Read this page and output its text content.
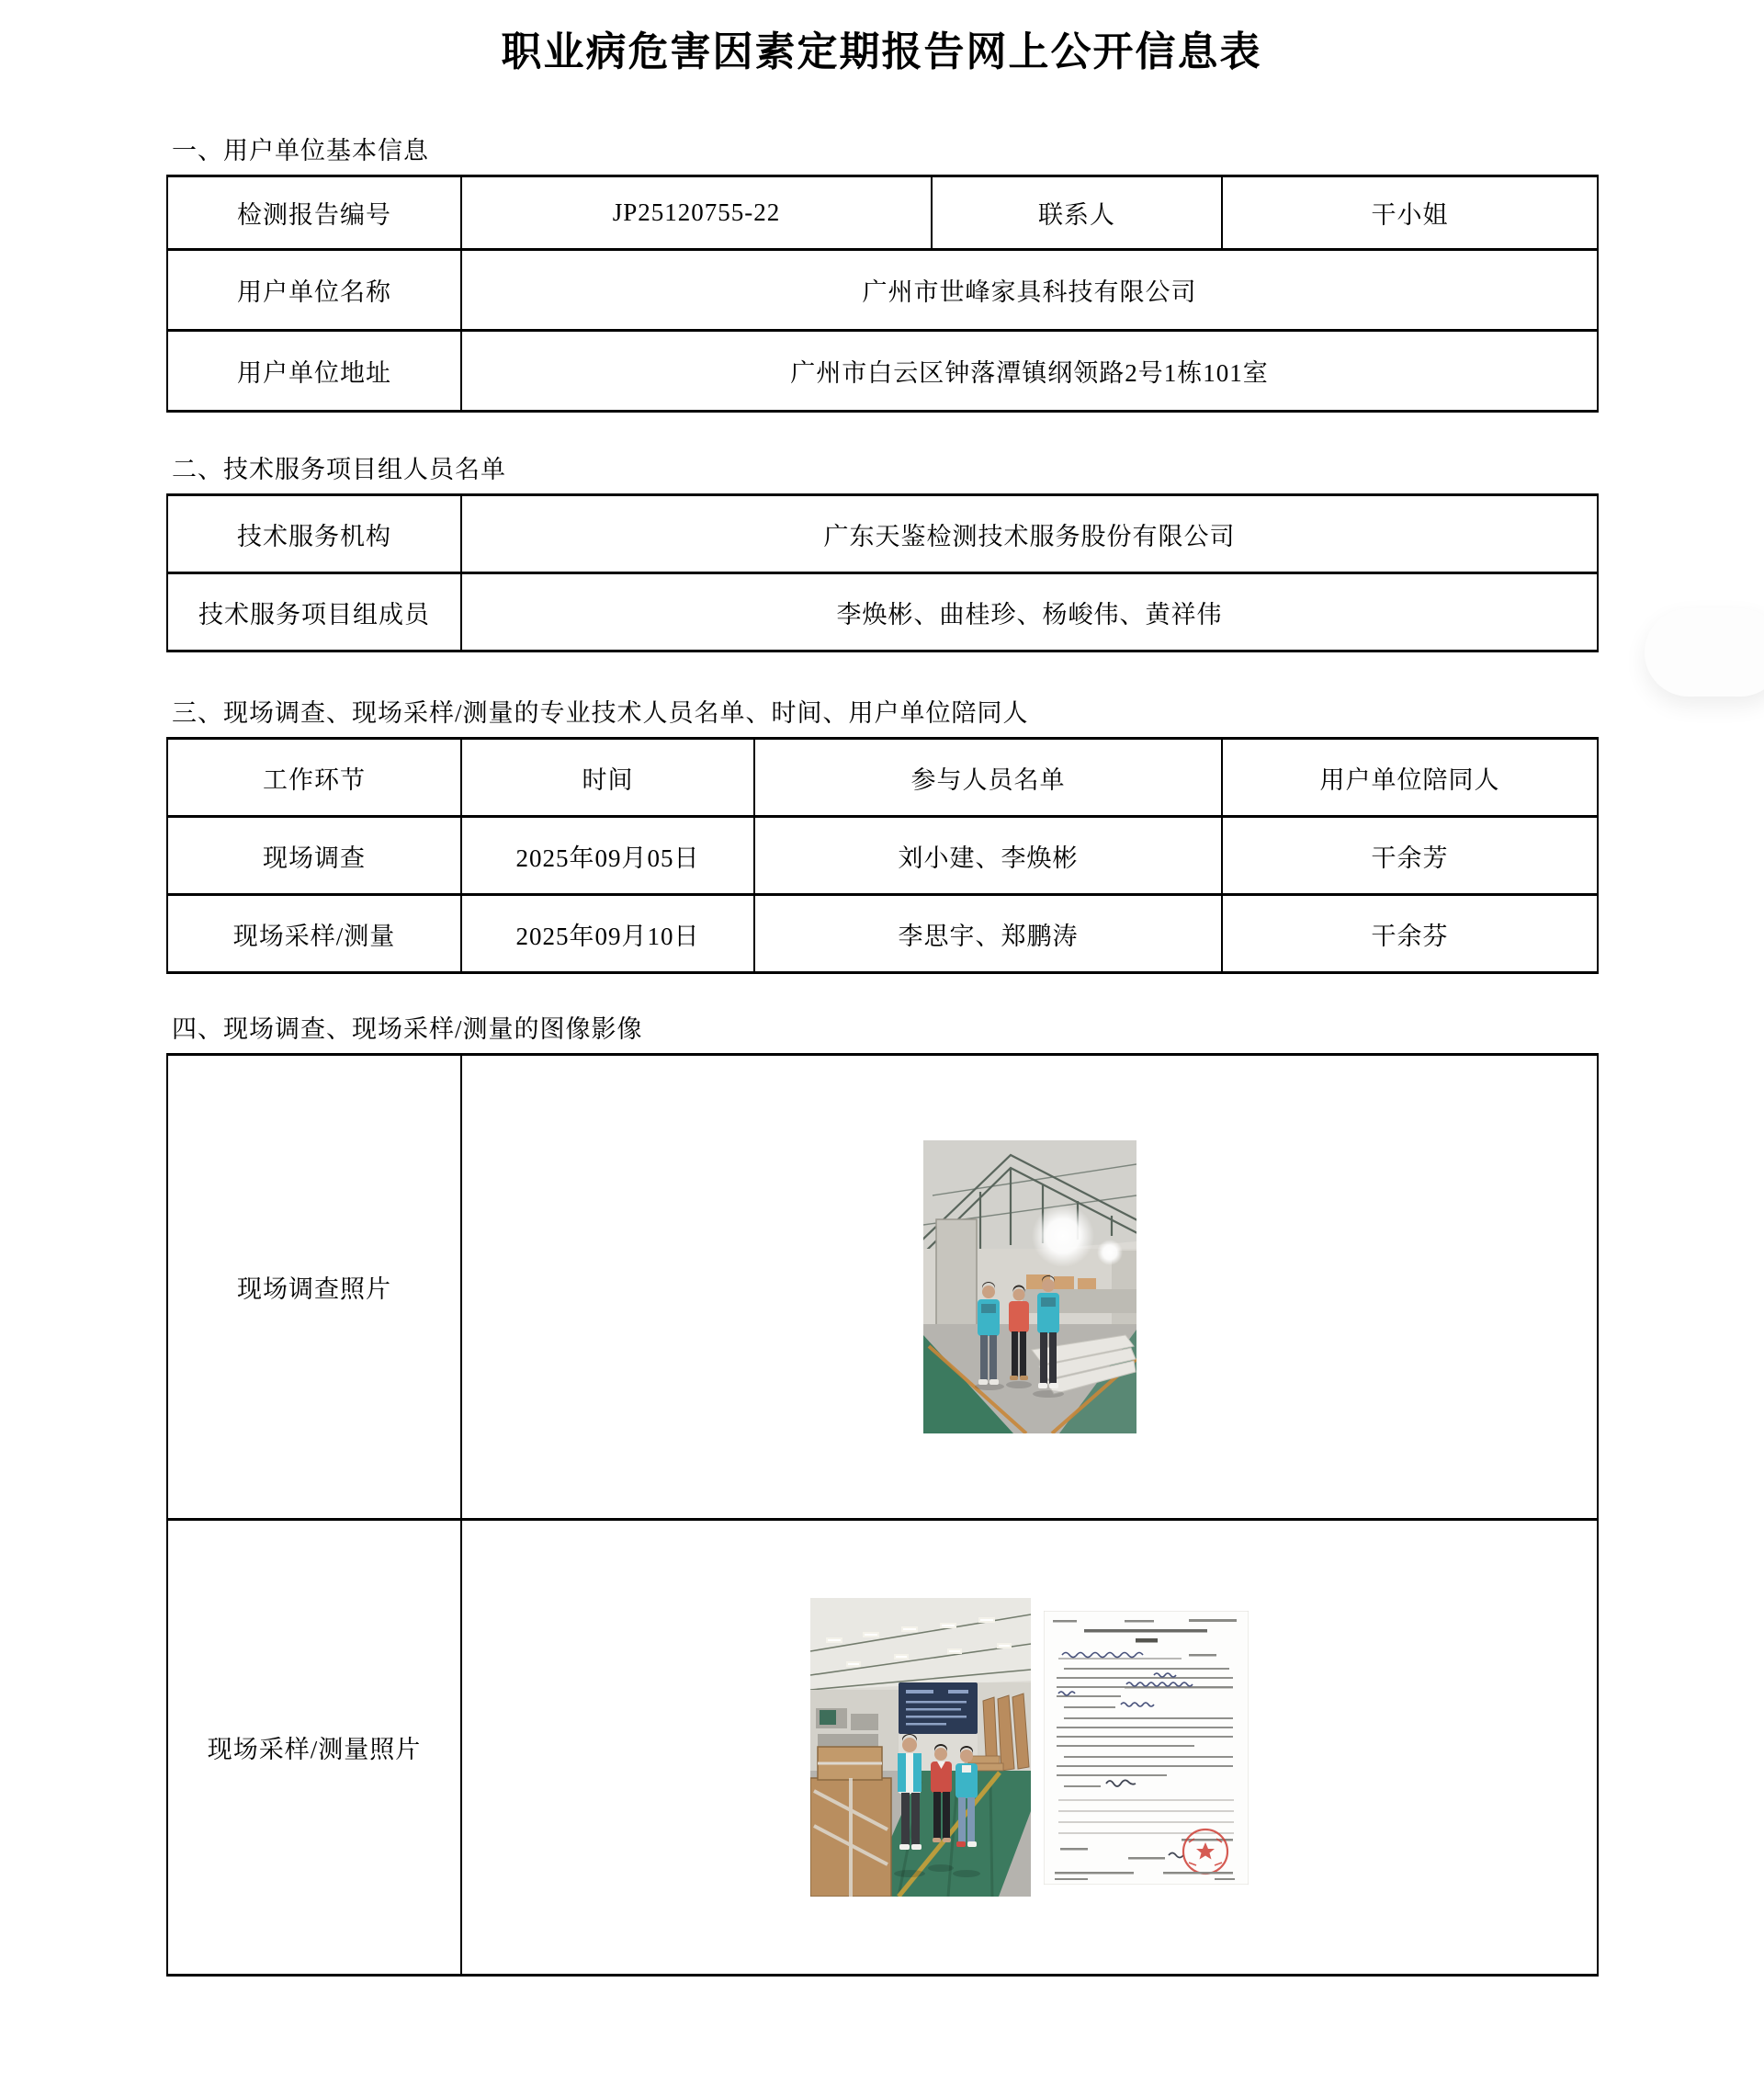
职业病危害因素定期报告网上公开信息表
一、用户单位基本信息
检测报告编号	JP25120755-22	联系人	干小姐
用户单位名称	广州市世峰家具科技有限公司		
用户单位地址	广州市白云区钟落潭镇纲领路2号1栋101室		
二、技术服务项目组人员名单
技术服务机构	广东天鉴检测技术服务股份有限公司
技术服务项目组成员	李焕彬、曲桂珍、杨峻伟、黄祥伟
三、现场调查、现场采样/测量的专业技术人员名单、时间、用户单位陪同人
工作环节	时间	参与人员名单	用户单位陪同人
现场调查	2025年09月05日	刘小建、李焕彬	干余芳
现场采样/测量	2025年09月10日	李思宇、郑鹏涛	干余芬
四、现场调查、现场采样/测量的图像影像
现场调查照片	

现场采样/测量照片	
